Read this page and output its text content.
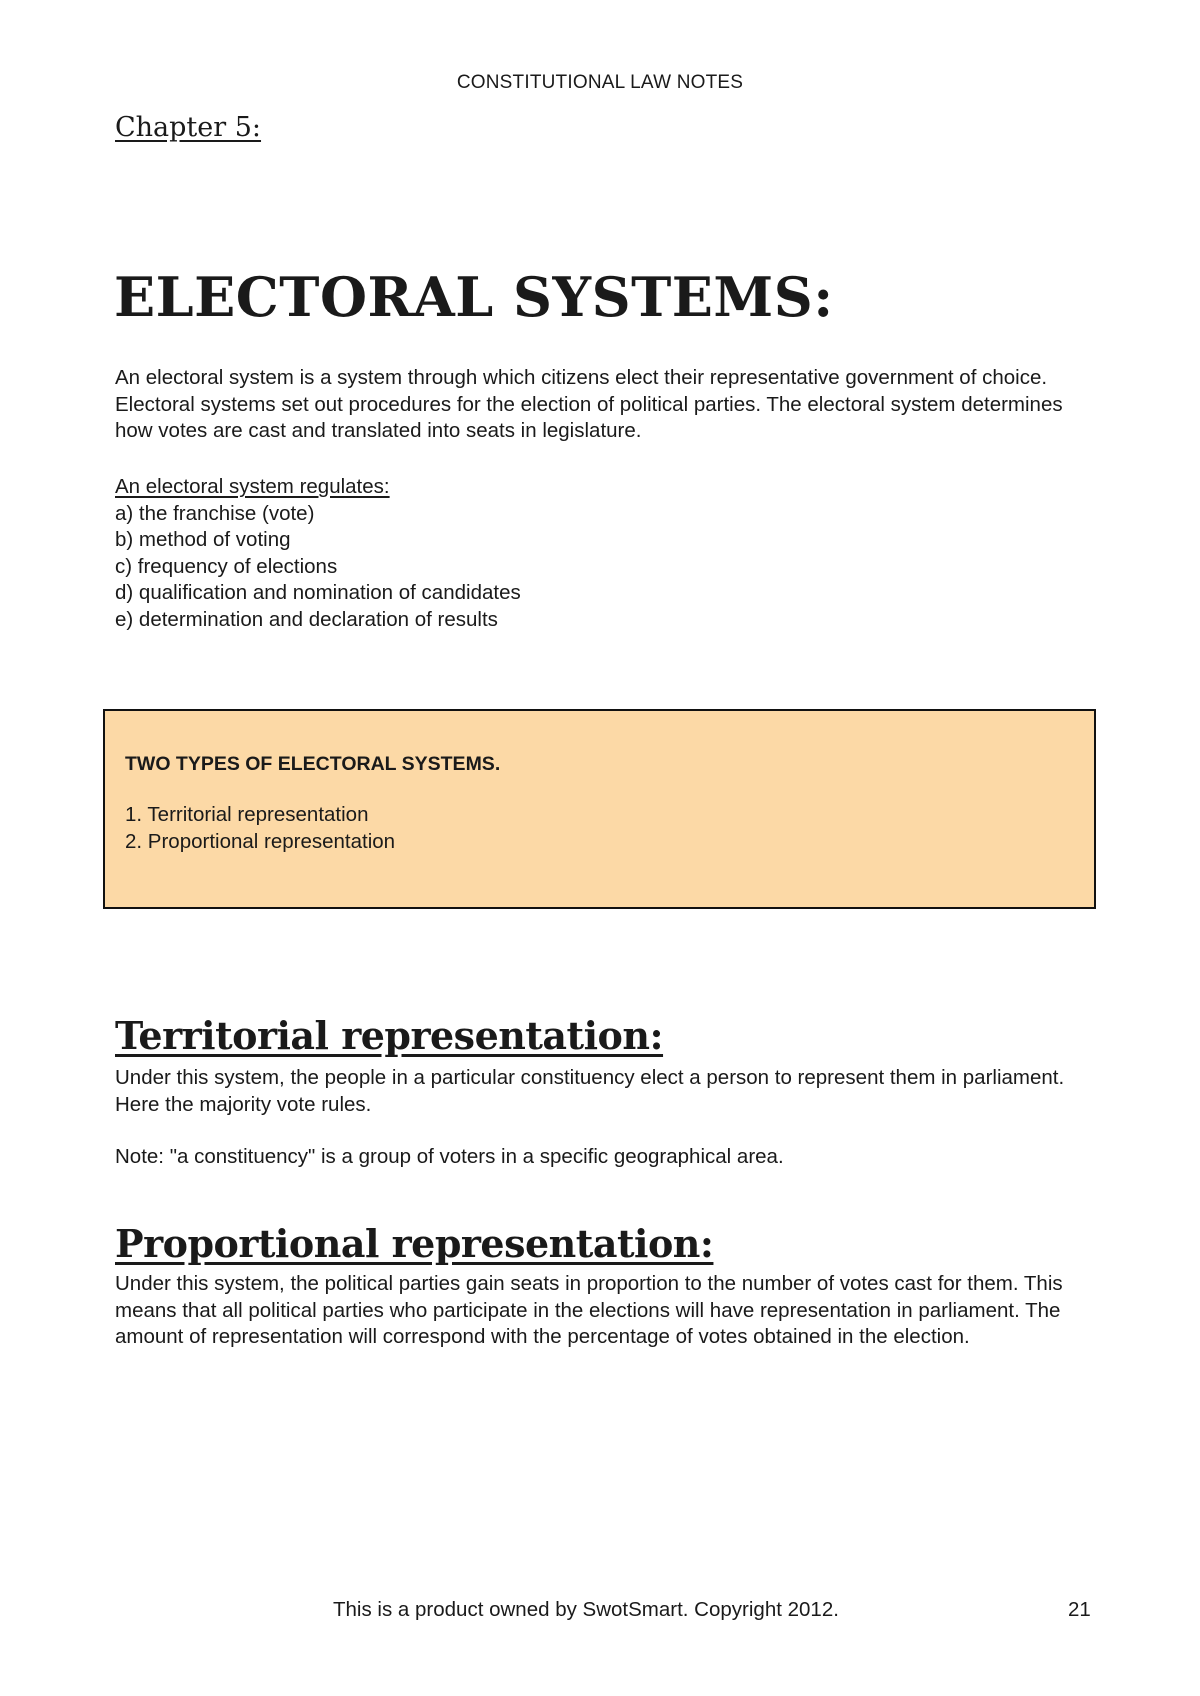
CONSTITUTIONAL LAW NOTES
Chapter 5:
ELECTORAL SYSTEMS:
An electoral system is a system through which citizens elect their representative government of choice. Electoral systems set out procedures for the election of political parties. The electoral system determines how votes are cast and translated into seats in legislature.
An electoral system regulates:
a) the franchise (vote)
b) method of voting
c) frequency of elections
d) qualification and nomination of candidates
e) determination and declaration of results
TWO TYPES OF ELECTORAL SYSTEMS.
1. Territorial representation
2. Proportional representation
Territorial representation:
Under this system, the people in a particular constituency elect a person to represent them in parliament. Here the majority vote rules.
Note: "a constituency" is a group of voters in a specific geographical area.
Proportional representation:
Under this system, the political parties gain seats in proportion to the number of votes cast for them. This means that all political parties who participate in the elections will have representation in parliament. The amount of representation will correspond with the percentage of votes obtained in the election.
This is a product owned by SwotSmart. Copyright 2012.	21
